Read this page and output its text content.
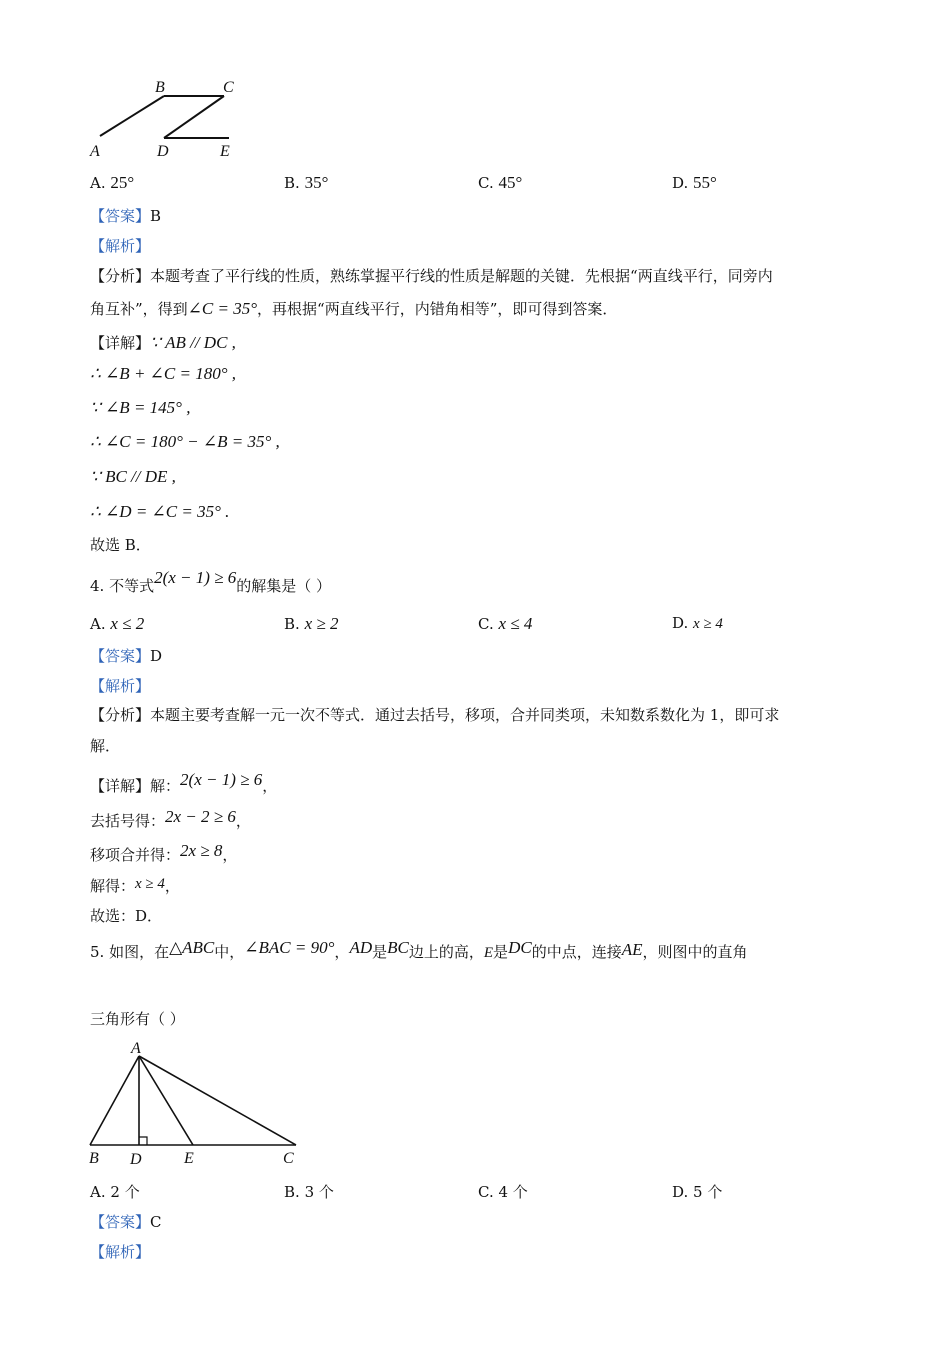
A
B	C
D	E
A. 25°	B. 35°	C. 45°	D. 55°
【答案】B
【解析】
【分析】本题考查了平行线的性质，熟练掌握平行线的性质是解题的关键．先根据“两直线平行，同旁内
角互补”，得到∠C = 35°，再根据“两直线平行，内错角相等”，即可得到答案．
【详解】∵ AB // DC ,
∴ ∠B + ∠C = 180° ,
∵ ∠B = 145° ,
∴ ∠C = 180° − ∠B = 35° ,
∵ BC // DE ,
∴ ∠D = ∠C = 35° .
故选 B．
4. 不等式2(x − 1) ≥ 6的解集是（ ）
A. x ≤ 2	B. x ≥ 2	C. x ≤ 4	D. x ≥ 4
【答案】D
【解析】
【分析】本题主要考查解一元一次不等式．通过去括号，移项，合并同类项，未知数系数化为 1，即可求
解．
【详解】解：2(x − 1) ≥ 6，
去括号得：2x − 2 ≥ 6，
移项合并得：2x ≥ 8，
解得：x ≥ 4，
故选：D．
5. 如图，在△ABC中，∠BAC = 90°，AD是BC边上的高，E是DC的中点，连接AE，则图中的直角
三角形有（ ）
A
B D	E	C
A. 2 个	B. 3 个	C. 4 个	D. 5 个
【答案】C
【解析】
